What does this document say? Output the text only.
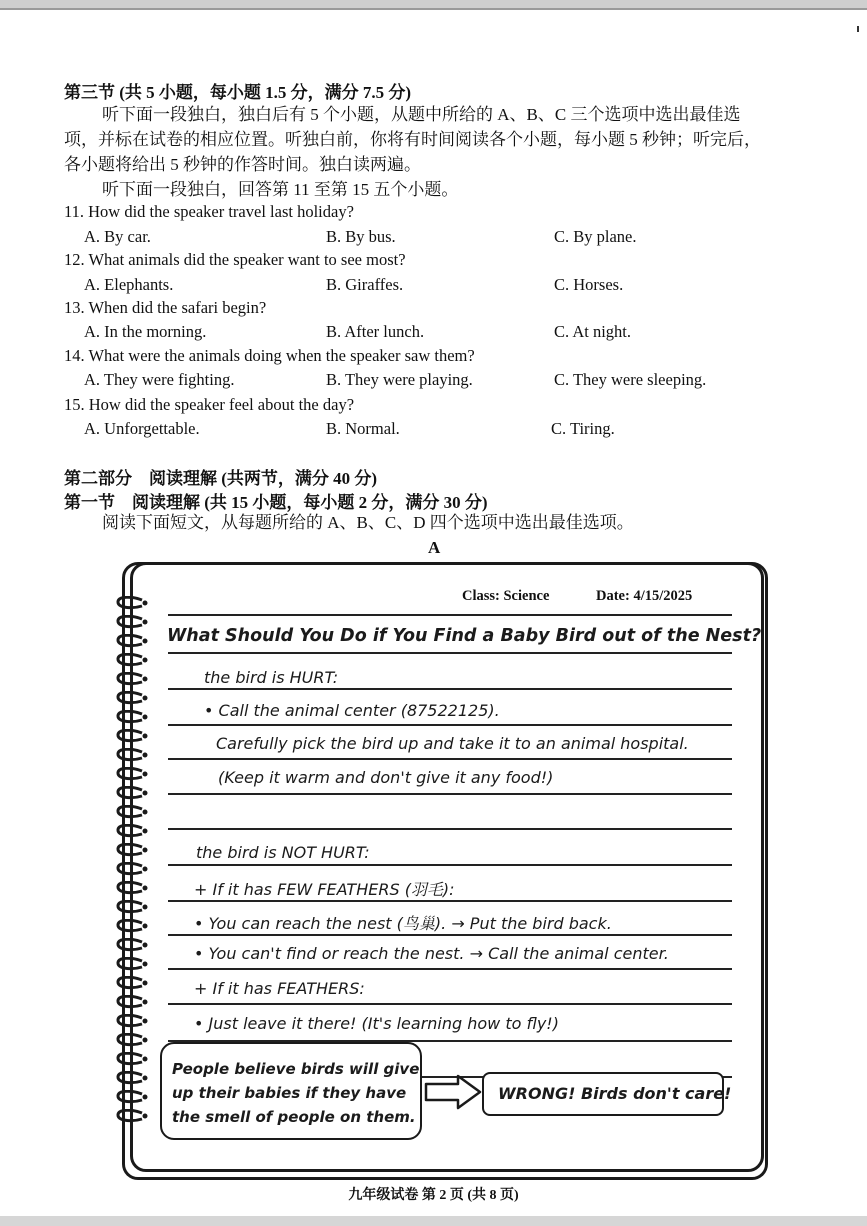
第三节 (共 5 小题，每小题 1.5 分，满分 7.5 分)
听下面一段独白，独白后有 5 个小题，从题中所给的 A、B、C 三个选项中选出最佳选
项，并标在试卷的相应位置。听独白前，你将有时间阅读各个小题，每小题 5 秒钟；听完后，
各小题将给出 5 秒钟的作答时间。独白读两遍。
听下面一段独白，回答第 11 至第 15 五个小题。
11. How did the speaker travel last holiday?
A. By car.	B. By bus.	C. By plane.
12. What animals did the speaker want to see most?
A. Elephants.	B. Giraffes.	C. Horses.
13. When did the safari begin?
A. In the morning.	B. After lunch.	C. At night.
14. What were the animals doing when the speaker saw them?
A. They were fighting.	B. They were playing.	C. They were sleeping.
15. How did the speaker feel about the day?
A. Unforgettable.	B. Normal.	C. Tiring.
第二部分　阅读理解 (共两节，满分 40 分)
第一节　阅读理解 (共 15 小题，每小题 2 分，满分 30 分)
阅读下面短文，从每题所给的 A、B、C、D 四个选项中选出最佳选项。
A
Class: Science	Date: 4/15/2025
What Should You Do if You Find a Baby Bird out of the Nest?
the bird is HURT:
• Call the animal center (87522125).
Carefully pick the bird up and take it to an animal hospital.
(Keep it warm and don't give it any food!)
the bird is NOT HURT:
+ If it has FEW FEATHERS (羽毛):
• You can reach the nest (鸟巢). → Put the bird back.
• You can't find or reach the nest. → Call the animal center.
+ If it has FEATHERS:
• Just leave it there! (It's learning how to fly!)
People believe birds will give
up their babies if they have
the smell of people on them.
WRONG! Birds don't care!
九年级试卷 第 2 页 (共 8 页)
